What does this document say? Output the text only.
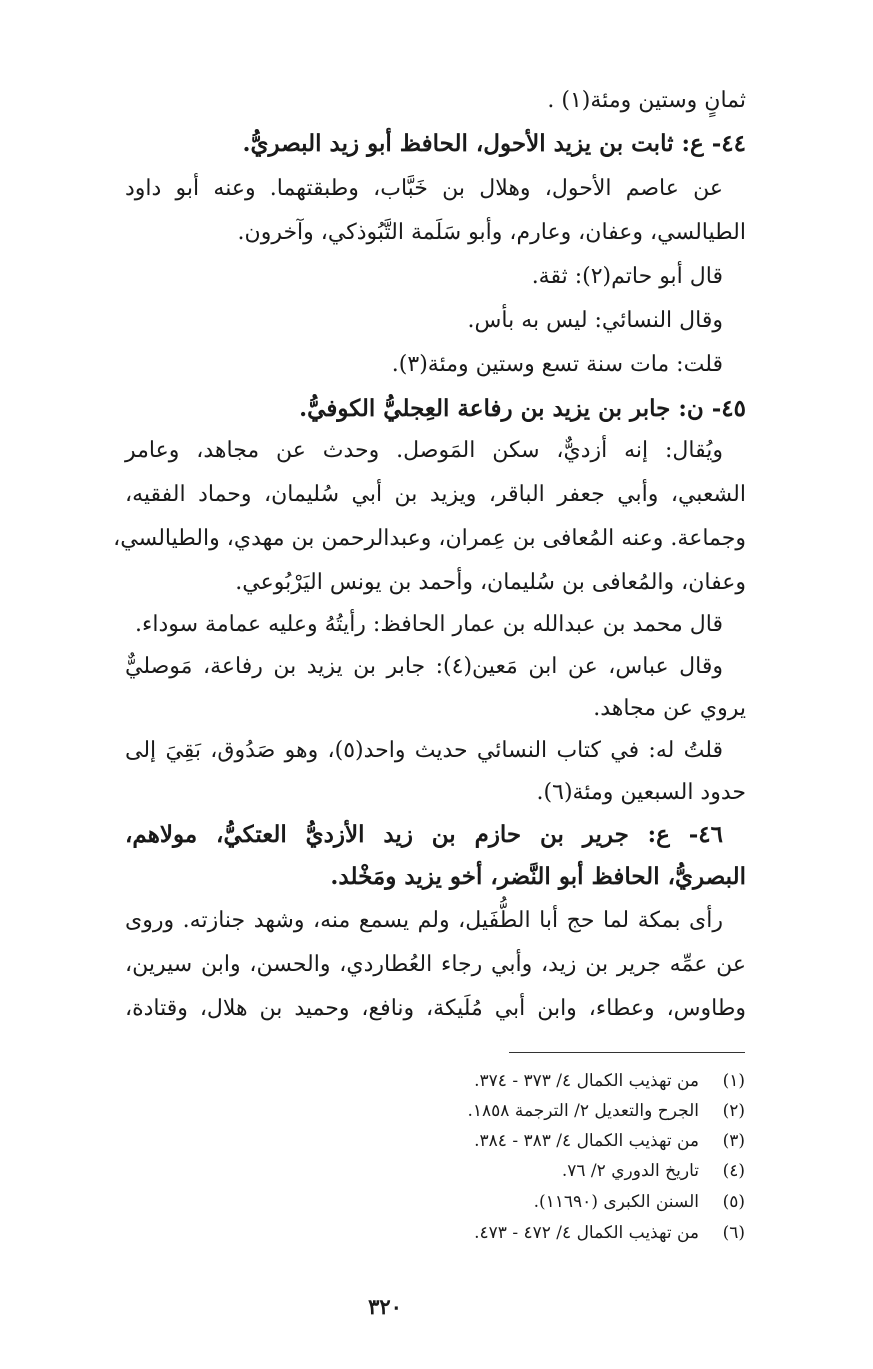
ثمانٍ وستين ومئة(١) .
٤٤- ع: ثابت بن يزيد الأحول، الحافظ أبو زيد البصريُّ.
عن عاصم الأحول، وهلال بن خَبَّاب، وطبقتهما. وعنه أبو داود
الطيالسي، وعفان، وعارم، وأبو سَلَمة التَّبُوذكي، وآخرون.
قال أبو حاتم(٢): ثقة.
وقال النسائي: ليس به بأس.
قلت: مات سنة تسع وستين ومئة(٣).
٤٥- ن: جابر بن يزيد بن رفاعة العِجليُّ الكوفيُّ.
ويُقال: إنه أزديٌّ، سكن المَوصل. وحدث عن مجاهد، وعامر
الشعبي، وأبي جعفر الباقر، ويزيد بن أبي سُليمان، وحماد الفقيه،
وجماعة. وعنه المُعافى بن عِمران، وعبدالرحمن بن مهدي، والطيالسي،
وعفان، والمُعافى بن سُليمان، وأحمد بن يونس اليَرْبُوعي.
قال محمد بن عبدالله بن عمار الحافظ: رأيتُهُ وعليه عمامة سوداء.
وقال عباس، عن ابن مَعين(٤): جابر بن يزيد بن رفاعة، مَوصليٌّ
يروي عن مجاهد.
قلتُ له: في كتاب النسائي حديث واحد(٥)، وهو صَدُوق، بَقِيَ إلى
حدود السبعين ومئة(٦).
٤٦- ع: جرير بن حازم بن زيد الأزديُّ العتكيُّ، مولاهم،
البصريُّ، الحافظ أبو النَّضر، أخو يزيد ومَخْلد.
رأى بمكة لما حج أبا الطُّفَيل، ولم يسمع منه، وشهد جنازته. وروى
عن عمِّه جرير بن زيد، وأبي رجاء العُطاردي، والحسن، وابن سيرين،
وطاوس، وعطاء، وابن أبي مُلَيكة، ونافع، وحميد بن هلال، وقتادة،
(١)من تهذيب الكمال ٤/ ٣٧٣ - ٣٧٤.
(٢)الجرح والتعديل ٢/ الترجمة ١٨٥٨.
(٣)من تهذيب الكمال ٤/ ٣٨٣ - ٣٨٤.
(٤)تاريخ الدوري ٢/ ٧٦.
(٥)السنن الكبرى (١١٦٩٠).
(٦)من تهذيب الكمال ٤/ ٤٧٢ - ٤٧٣.
٣٢٠
